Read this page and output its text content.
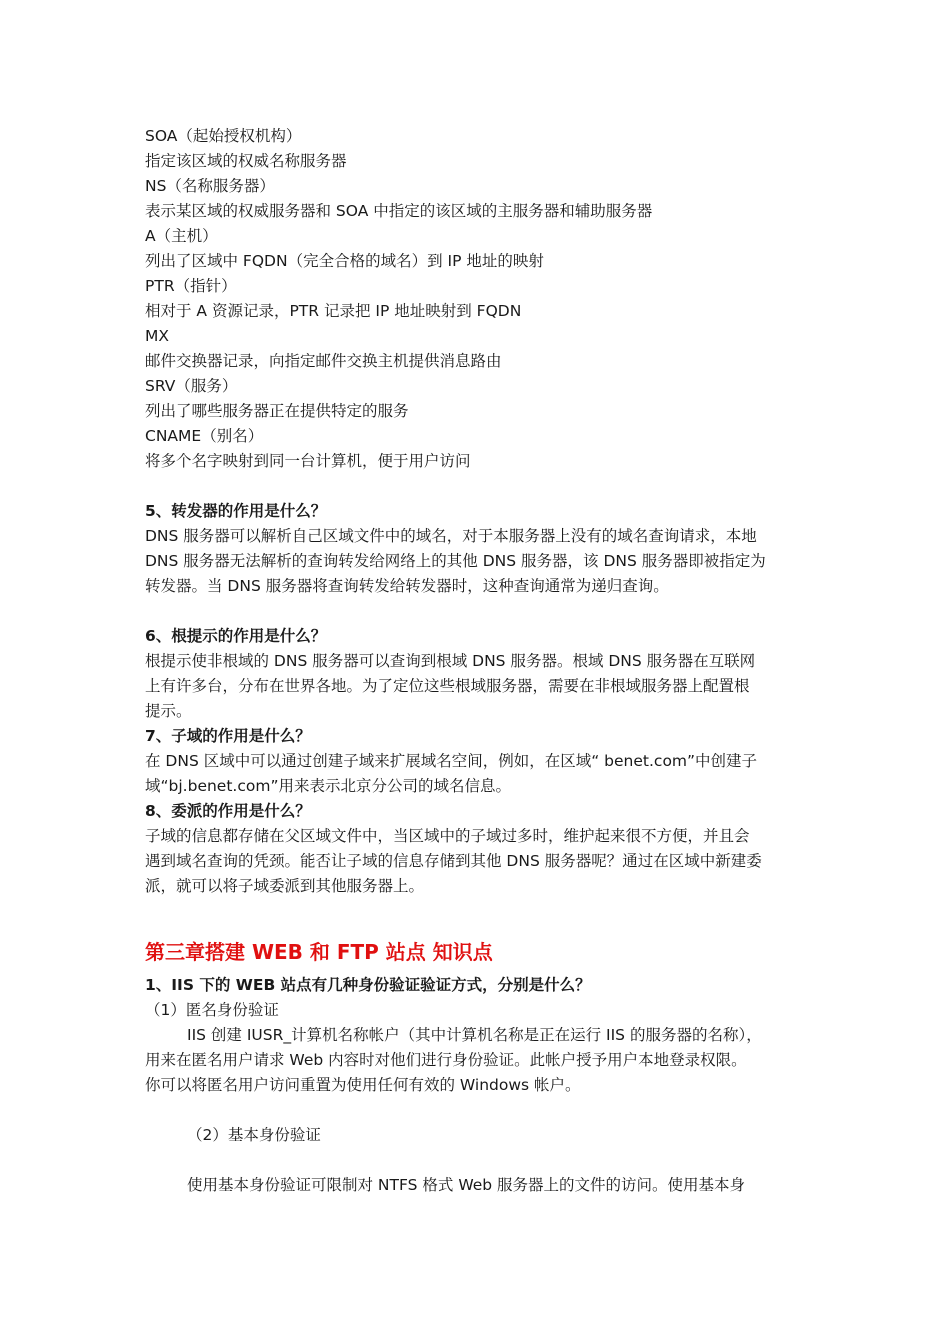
SOA（起始授权机构）
指定该区域的权威名称服务器
NS（名称服务器）
表示某区域的权威服务器和 SOA 中指定的该区域的主服务器和辅助服务器
A（主机）
列出了区域中 FQDN（完全合格的域名）到 IP 地址的映射
PTR（指针）
相对于 A 资源记录，PTR 记录把 IP 地址映射到 FQDN
MX
邮件交换器记录，向指定邮件交换主机提供消息路由
SRV（服务）
列出了哪些服务器正在提供特定的服务
CNAME（别名）
将多个名字映射到同一台计算机，便于用户访问
5、转发器的作用是什么？
DNS 服务器可以解析自己区域文件中的域名，对于本服务器上没有的域名查询请求，本地
DNS 服务器无法解析的查询转发给网络上的其他 DNS 服务器，该 DNS 服务器即被指定为
转发器。当 DNS 服务器将查询转发给转发器时，这种查询通常为递归查询。
6、根提示的作用是什么？
根提示使非根域的 DNS 服务器可以查询到根域 DNS 服务器。根域 DNS 服务器在互联网
上有许多台，分布在世界各地。为了定位这些根域服务器，需要在非根域服务器上配置根
提示。
7、子域的作用是什么？
在 DNS 区域中可以通过创建子域来扩展域名空间，例如，在区域“ benet.com”中创建子
域“bj.benet.com”用来表示北京分公司的域名信息。
8、委派的作用是什么？
子域的信息都存储在父区域文件中，当区域中的子域过多时，维护起来很不方便，并且会
遇到域名查询的凭颈。能否让子域的信息存储到其他 DNS 服务器呢？通过在区域中新建委
派，就可以将子域委派到其他服务器上。
第三章搭建 WEB 和 FTP 站点 知识点
1、IIS 下的 WEB 站点有几种身份验证验证方式，分别是什么？
（1）匿名身份验证
IIS 创建 IUSR_计算机名称帐户（其中计算机名称是正在运行 IIS 的服务器的名称），
用来在匿名用户请求 Web 内容时对他们进行身份验证。此帐户授予用户本地登录权限。
你可以将匿名用户访问重置为使用任何有效的 Windows 帐户。
（2）基本身份验证
使用基本身份验证可限制对 NTFS 格式 Web 服务器上的文件的访问。使用基本身
